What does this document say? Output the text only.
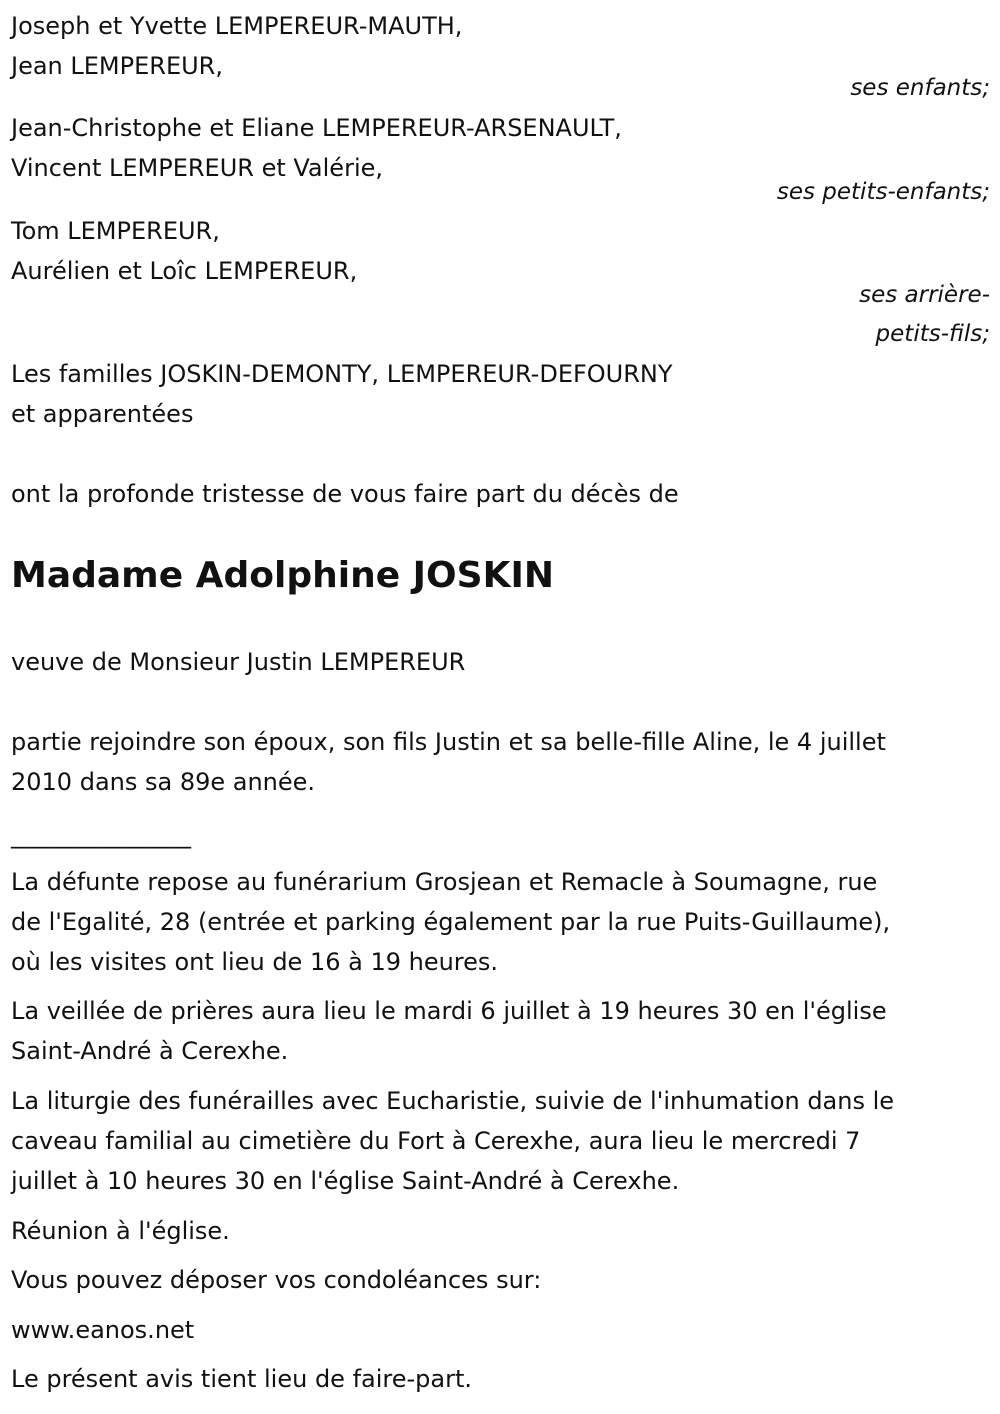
Joseph et Yvette LEMPEREUR-MAUTH,
Jean LEMPEREUR,
ses enfants;
Jean-Christophe et Eliane LEMPEREUR-ARSENAULT,
Vincent LEMPEREUR et Valérie,
ses petits-enfants;
Tom LEMPEREUR,
Aurélien et Loîc LEMPEREUR,
ses arrière-
petits-fils;
Les familles JOSKIN-DEMONTY, LEMPEREUR-DEFOURNY
et apparentées
ont la profonde tristesse de vous faire part du décès de
Madame Adolphine JOSKIN
veuve de Monsieur Justin LEMPEREUR
partie rejoindre son époux, son fils Justin et sa belle-fille Aline, le 4 juillet
2010 dans sa 89e année.
_______________
La défunte repose au funérarium Grosjean et Remacle à Soumagne, rue
de l'Egalité, 28 (entrée et parking également par la rue Puits-Guillaume),
où les visites ont lieu de 16 à 19 heures.
La veillée de prières aura lieu le mardi 6 juillet à 19 heures 30 en l'église
Saint-André à Cerexhe.
La liturgie des funérailles avec Eucharistie, suivie de l'inhumation dans le
caveau familial au cimetière du Fort à Cerexhe, aura lieu le mercredi 7
juillet à 10 heures 30 en l'église Saint-André à Cerexhe.
Réunion à l'église.
Vous pouvez déposer vos condoléances sur:
www.eanos.net
Le présent avis tient lieu de faire-part.
